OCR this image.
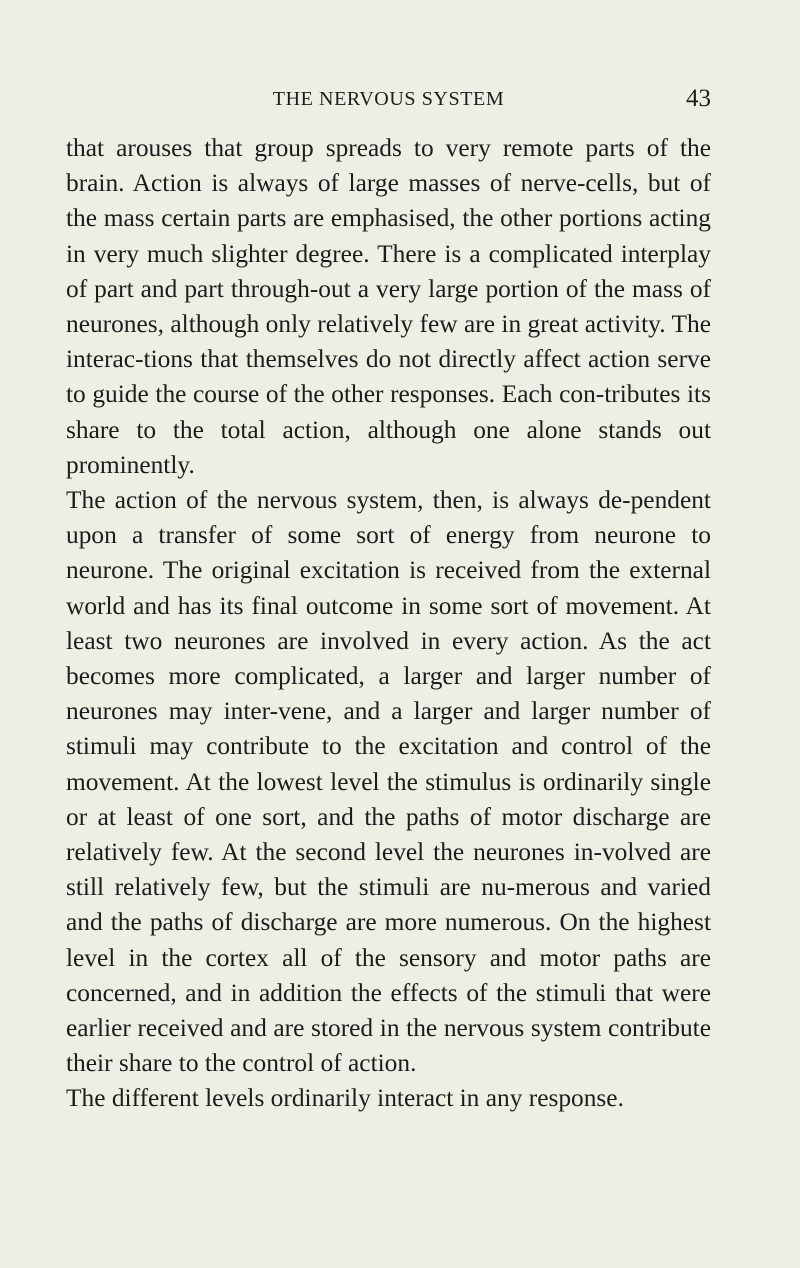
THE NERVOUS SYSTEM	43

that arouses that group spreads to very remote parts of the brain. Action is always of large masses of nerve-cells, but of the mass certain parts are emphasised, the other portions acting in very much slighter degree. There is a complicated interplay of part and part through-out a very large portion of the mass of neurones, although only relatively few are in great activity. The interac-tions that themselves do not directly affect action serve to guide the course of the other responses. Each con-tributes its share to the total action, although one alone stands out prominently.

The action of the nervous system, then, is always de-pendent upon a transfer of some sort of energy from neurone to neurone. The original excitation is received from the external world and has its final outcome in some sort of movement. At least two neurones are involved in every action. As the act becomes more complicated, a larger and larger number of neurones may inter-vene, and a larger and larger number of stimuli may contribute to the excitation and control of the movement. At the lowest level the stimulus is ordinarily single or at least of one sort, and the paths of motor discharge are relatively few. At the second level the neurones in-volved are still relatively few, but the stimuli are nu-merous and varied and the paths of discharge are more numerous. On the highest level in the cortex all of the sensory and motor paths are concerned, and in addition the effects of the stimuli that were earlier received and are stored in the nervous system contribute their share to the control of action.

The different levels ordinarily interact in any response.
